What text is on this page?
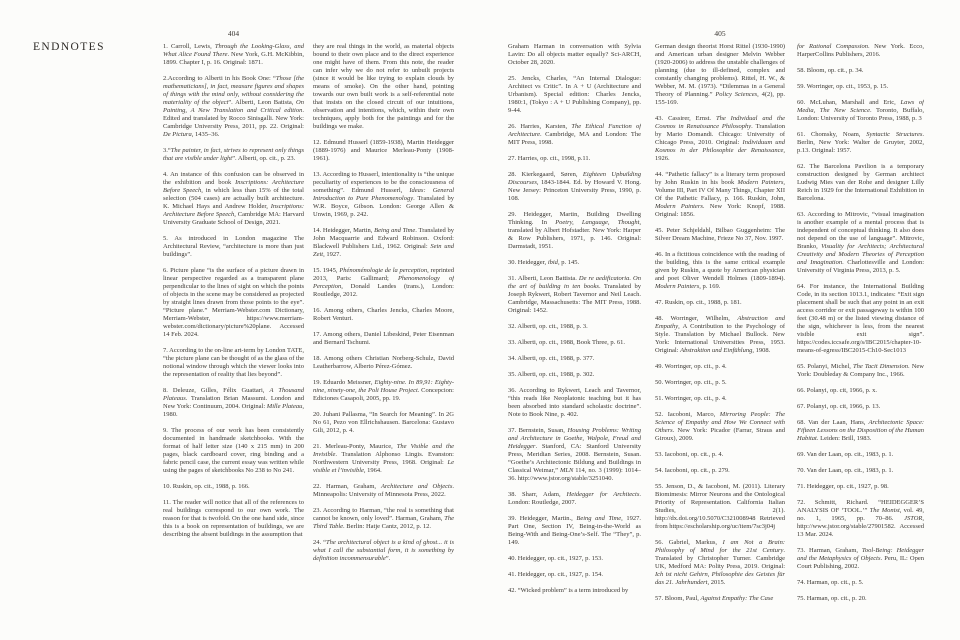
ENDNOTES
404	405

1. Carroll, Lewis, Through the Looking-Glass, and What Alice Found There. New York, G.H. McKibbin, 1899. Chapter I, p. 16. Original: 1871.

2.According to Alberti in his Book One: “Those [the mathematicians], in fact, measure figures and shapes of things with the mind only, without considering the materiality of the object”. Alberti, Leon Batista, On Painting, A New Translation and Critical edition. Edited and translated by Rocco Sinisgalli. New York: Cambridge University Press, 2011, pp. 22. Original: De Pictura, 1435–36.

3.“The painter, in fact, strives to represent only things that are visible under light”. Alberti, op. cit., p. 23.

4. An instance of this confusion can be observed in the exhibition and book Inscriptions: Architecture Before Speech, in which less than 15% of the total selection (504 cases) are actually built architecture. K. Michael Hays and Andrew Holder, Inscriptions: Architecture Before Speech, Cambridge MA: Harvard University Graduate School of Design, 2021.

5. As introduced in London magazine The Architectural Review, “architecture is more than just buildings”.

6. Picture plane “is the surface of a picture drawn in linear perspective regarded as a transparent plane perpendicular to the lines of sight on which the points of objects in the scene may be considered as projected by straight lines drawn from those points to the eye”. “Picture plane.” Merriam-Webster.com Dictionary, Merriam-Webster, https://www.merriam-webster.com/dictionary/picture%20plane. Accessed 14 Feb. 2024.

7. According to the on-line art-term by London TATE, “the picture plane can be thought of as the glass of the notional window through which the viewer looks into the representation of reality that lies beyond”.

8. Deleuze, Gilles, Félix Guattari, A Thousand Plateaus. Translation Brian Massumi. London and New York: Continuum, 2004. Original: Mille Plateau, 1980.

9. The process of our work has been consistently documented in handmade sketchbooks. With the format of half letter size (140 x 215 mm) in 200 pages, black cardboard cover, ring binding and a fabric pencil case, the current essay was written while using the pages of sketchbooks No 238 to No 241.

10. Ruskin, op. cit., 1988, p. 166.

11. The reader will notice that all of the references to real buildings correspond to our own work. The reason for that is twofold. On the one hand side, since this is a book on representation of buildings, we are describing the absent buildings in the assumption that

they are real things in the world, as material objects bound to their own place and to the direct experience one might have of them. From this note, the reader can infer why we do not refer to unbuilt projects (since it would be like trying to explain clouds by means of smoke). On the other hand, pointing towards our own built work is a self-referential note that insists on the closed circuit of our intuitions, observation and intentions, which, within their own techniques, apply both for the paintings and for the buildings we make.

12. Edmund Husserl (1859-1938), Martin Heidegger (1889-1976) and Maurice Merleau-Ponty (1908-1961).

13. According to Husserl, intentionality is “the unique peculiarity of experiences to be the consciousness of something”. Edmund Husserl, Ideas: General Introduction to Pure Phenomenology. Translated by W.R. Boyce, Gibson. London: George Allen & Unwin, 1969, p. 242.

14. Heidegger, Martin, Being and Time. Translated by John Macquarrie and Edward Robinson. Oxford: Blackwell Publishers Ltd., 1962. Original: Sein und Zeit, 1927.

15. 1945, Phénoménologie de la perception, reprinted 2013, Paris: Gallimard; Phenomenology of Perception, Donald Landes (trans.), London: Routledge, 2012.

16. Among others, Charles Jencks, Charles Moore, Robert Venturi.

17. Among others, Daniel Libeskind, Peter Eisenman and Bernard Tschumi.

18. Among others Christian Norberg-Schulz, David Leatherbarrow, Alberto Pérez-Gómez.

19. Eduardo Meissner, Eighty-nine. In 89,91: Eighty-nine, ninety-one, the Poli House Project. Concepcion: Ediciones Casapoli, 2005, pp. 19.

20. Juhani Pallasma, “In Search for Meaning”. In 2G No 61, Pezo von Ellrichshausen. Barcelona: Gustavo Gili, 2012, p. 4.

21. Merleau-Ponty, Maurice, The Visible and the Invisible. Translation Alphonso Lingis. Evanston: Northwestern University Press, 1968. Original: Le visible et l’invisible, 1964.

22. Harman, Graham, Architecture and Objects. Minneapolis: University of Minnesota Press, 2022.

23. According to Harman, “the real is something that cannot be known, only loved”. Harman, Graham, The Third Table. Berlin: Hatje Cantz, 2012, p. 12.

24. “The architectural object is a kind of ghost... it is what I call the substantial form, it is something by definition incommensurable”.

Graham Harman in conversation with Sylvia Lavin: Do all objects matter equally? Sci-ARCH, October 28, 2020.

25. Jencks, Charles, “An Internal Dialogue: Architect vs Critic”. In A + U (Architecture and Urbanism). Special edition: Charles Jencks, 1980:1, (Tokyo : A + U Publishing Company), pp. 9-44.

26. Harries, Karsten, The Ethical Function of Architecture. Cambridge, MA and London: The MIT Press, 1998.

27. Harries, op. cit., 1998, p.11.

28. Kierkegaard, Søren, Eighteen Upbuilding Discourses, 1843-1844. Ed. by Howard V. Hong. New Jersey: Princeton University Press, 1990, p. 108.

29. Heidegger, Martin, Building Dwelling Thinking. In Poetry, Language, Thought, translated by Albert Hofstadter. New York: Harper & Row Publishers, 1971, p. 146. Original: Darmstadt, 1951.

30. Heidegger, ibid, p. 145.

31. Alberti, Leon Battista. De re aedificatoria. On the art of building in ten books. Translated by Joseph Rykwert, Robert Tavernor and Neil Leach. Cambridge, Massachusetts: The MIT Press, 1988. Original: 1452.

32. Alberti, op. cit., 1988, p. 3.

33. Alberti, op. cit., 1988, Book Three, p. 61.

34. Alberti, op. cit., 1988, p. 377.

35. Alberti, op. cit., 1988, p. 302.

36. According to Rykwert, Leach and Tavernor, “this reads like Neoplatonic teaching but it has been absorbed into standard scholastic doctrine”. Note to Book Nine, p. 402.

37. Bernstein, Susan, Housing Problems: Writing and Architecture in Goethe, Walpole, Freud and Heidegger. Stanford, CA: Stanford University Press, Meridian Series, 2008. Bernstein, Susan. “Goethe’s Architectonic Bildung and Buildings in Classical Weimar,” MLN 114, no. 3 (1999): 1014–36. http://www.jstor.org/stable/3251040.

38. Sharr, Adam, Heidegger for Architects. London: Routledge, 2007.

39. Heidegger, Martin., Being and Time, 1927. Part One, Section IV, Being-in-the-World as Being-With and Being-One’s-Self. The “They”, p. 149.

40. Heidegger, op. cit., 1927, p. 153.

41. Heidegger, op. cit., 1927, p. 154.

42. “Wicked problem” is a term introduced by

German design theorist Horst Rittel (1930-1990) and American urban designer Melvin Webber (1920-2006) to address the unstable challenges of planning (due to ill-defined, complex and constantly changing problems). Rittel, H. W., & Webber, M. M. (1973). “Dilemmas in a General Theory of Planning.” Policy Sciences, 4(2), pp. 155-169.

43. Cassirer, Ernst. The Individual and the Cosmos in Renaissance Philosophy. Translation by Mario Domandi. Chicago: University of Chicago Press, 2010. Original: Individuum und Kosmos in der Philosophie der Renaissance, 1926.

44. “Pathetic fallacy” is a literary term proposed by John Ruskin in his book Modern Painters, Volume III, Part IV Of Many Things, Chapter XII Of the Pathetic Fallacy, p. 166. Ruskin, John, Modern Painters. New York: Knopf, 1988. Original: 1856.

45. Peter Schjeldahl, Bilbao Guggenheim: The Silver Dream Machine, Frieze No 37, Nov. 1997.

46. In a fictitious coincidence with the reading of the building, this is the same critical example given by Ruskin, a quote by American physician and poet Oliver Wendell Holmes (1809-1894). Modern Painters, p. 169.

47. Ruskin, op. cit., 1988, p. 181.

48. Worringer, Wilhelm, Abstraction and Empathy, A Contribution to the Psychology of Style. Translation by Michael Bullock. New York: International Universities Press, 1953. Original: Abstraktion und Einfühlung, 1908.

49. Worringer, op. cit., p. 4.

50. Worringer, op. cit., p. 5.

51. Worringer, op. cit., p. 4.

52. Iacoboni, Marco, Mirroring People: The Science of Empathy and How We Connect with Others. New York: Picador (Farrar, Straus and Giroux), 2009.

53. Iacoboni, op. cit., p. 4.

54. Iacoboni, op. cit., p. 279.

55. Jenson, D., & Iacoboni, M. (2011). Literary Biomimesis: Mirror Neurons and the Ontological Priority of Representation. California Italian Studies, 2(1). http://dx.doi.org/10.5070/C321008948 Retrieved from https://escholarship.org/uc/item/7sc3j04j

56. Gabriel, Markus, I am Not a Brain: Philosophy of Mind for the 21st Century. Translated by Christopher Turner. Cambridge UK, Medford MA: Polity Press, 2019. Original: Ich ist nicht Gehirn, Philosophie des Geistes für das 21. Jahrhundert, 2015.

57. Bloom, Paul, Against Empathy: The Case

for Rational Compassion. New York. Ecco, HarperCollins Publishers, 2016.

58. Bloom, op. cit., p. 34.

59. Worringer, op. cit., 1953, p. 15.

60. McLuhan, Marshall and Eric, Laws of Media, The New Science. Toronto, Buffalo, London: University of Toronto Press, 1988, p. 3

61. Chomsky, Noam, Syntactic Structures. Berlin, New York: Walter de Gruyter, 2002, p.13. Original: 1957.

62. The Barcelona Pavilion is a temporary construction designed by German architect Ludwig Mies van der Rohe and designer Lilly Reich in 1929 for the International Exhibition in Barcelona.

63. According to Mitrovic, “visual imagination is another example of a mental process that is independent of conceptual thinking. It also does not depend on the use of language”. Mitrovic, Branko, Visuality for Architects; Architectural Creativity and Modern Theories of Perception and Imagination. Charlottesville and London: University of Virginia Press, 2013, p. 5.

64. For instance, the International Building Code, in its section 1013.1, indicates: “Exit sign placement shall be such that any point in an exit access corridor or exit passageway is within 100 feet (30.48 m) or the listed viewing distance of the sign, whichever is less, from the nearest visible exit sign”. https://codes.iccsafe.org/s/IBC2015/chapter-10-means-of-egress/IBC2015-Ch10-Sec1013

65. Polanyi, Michel, The Tacit Dimension. New York: Doubleday & Company Inc., 1966.

66. Polanyi, op. cit, 1966, p. x.

67. Polanyi, op. cit, 1966, p. 13.

68. Van der Laan, Hans, Architectonic Space: Fifteen Lessons on the Disposition of the Human Habitat. Leiden: Brill, 1983.

69. Van der Laan, op. cit., 1983, p. 1.

70. Van der Laan, op. cit., 1983, p. 1.

71. Heidegger, op. cit., 1927, p. 98.

72. Schmitt, Richard. “HEIDEGGER’S ANALYSIS OF ‘TOOL.’” The Monist, vol. 49, no. 1, 1965, pp. 70–86. JSTOR, http://www.jstor.org/stable/27901582. Accessed 13 Mar. 2024.

73. Harman, Graham, Tool-Being: Heidegger and the Metaphysics of Objects. Peru, IL: Open Court Publishing, 2002.

74. Harman, op. cit., p. 5.

75. Harman, op. cit., p. 20.
